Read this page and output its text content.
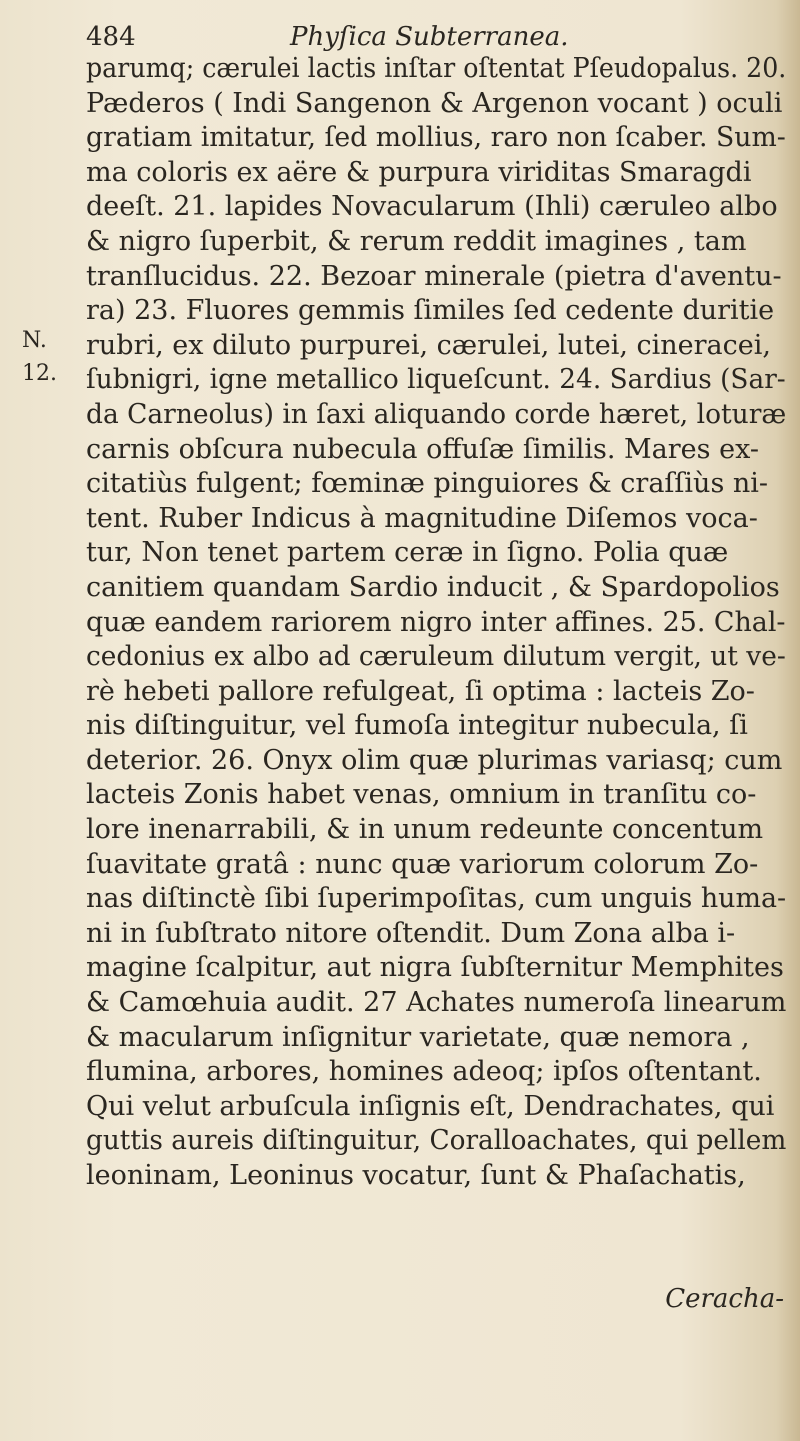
484	Phyſica Subterranea.
N.
12.
parumq; cærulei lactis inſtar oſtentat Pſeudopalus. 20.
Pæderos ( Indi Sangenon & Argenon vocant ) oculi
gratiam imitatur, ſed mollius, raro non ſcaber. Sum-
ma coloris ex aëre & purpura viriditas Smaragdi
deeſt. 21. lapides Novacularum (Ihli) cæruleo albo
& nigro ſuperbit, & rerum reddit imagines , tam
tranſlucidus. 22. Bezoar minerale (pietra d'aventu-
ra) 23. Fluores gemmis ſimiles ſed cedente duritie
rubri, ex diluto purpurei, cærulei, lutei, cineracei,
ſubnigri, igne metallico liqueſcunt. 24. Sardius (Sar-
da Carneolus) in ſaxi aliquando corde hæret, loturæ
carnis obſcura nubecula offuſæ ſimilis. Mares ex-
citatiùs fulgent; fœminæ pinguiores & craſſiùs ni-
tent. Ruber Indicus à magnitudine Diſemos voca-
tur, Non tenet partem ceræ in ſigno. Polia quæ
canitiem quandam Sardio inducit , & Spardopolios
quæ eandem rariorem nigro inter affines. 25. Chal-
cedonius ex albo ad cæruleum dilutum vergit, ut ve-
rè hebeti pallore refulgeat, ſi optima : lacteis Zo-
nis diſtinguitur, vel fumoſa integitur nubecula, ſi
deterior. 26. Onyx olim quæ plurimas variasq; cum
lacteis Zonis habet venas, omnium in tranſitu co-
lore inenarrabili, & in unum redeunte concentum
ſuavitate gratâ : nunc quæ variorum colorum Zo-
nas diſtinctè ſibi ſuperimpoſitas, cum unguis huma-
ni in ſubſtrato nitore oſtendit. Dum Zona alba i-
magine ſcalpitur, aut nigra ſubſternitur Memphites
& Camœhuia audit. 27 Achates numeroſa linearum
& macularum inſignitur varietate, quæ nemora ,
flumina, arbores, homines adeoq; ipſos oſtentant.
Qui velut arbuſcula inſignis eſt, Dendrachates, qui
guttis aureis diſtinguitur, Coralloachates, qui pellem
leoninam, Leoninus vocatur, ſunt & Phaſachatis,
Ceracha-
